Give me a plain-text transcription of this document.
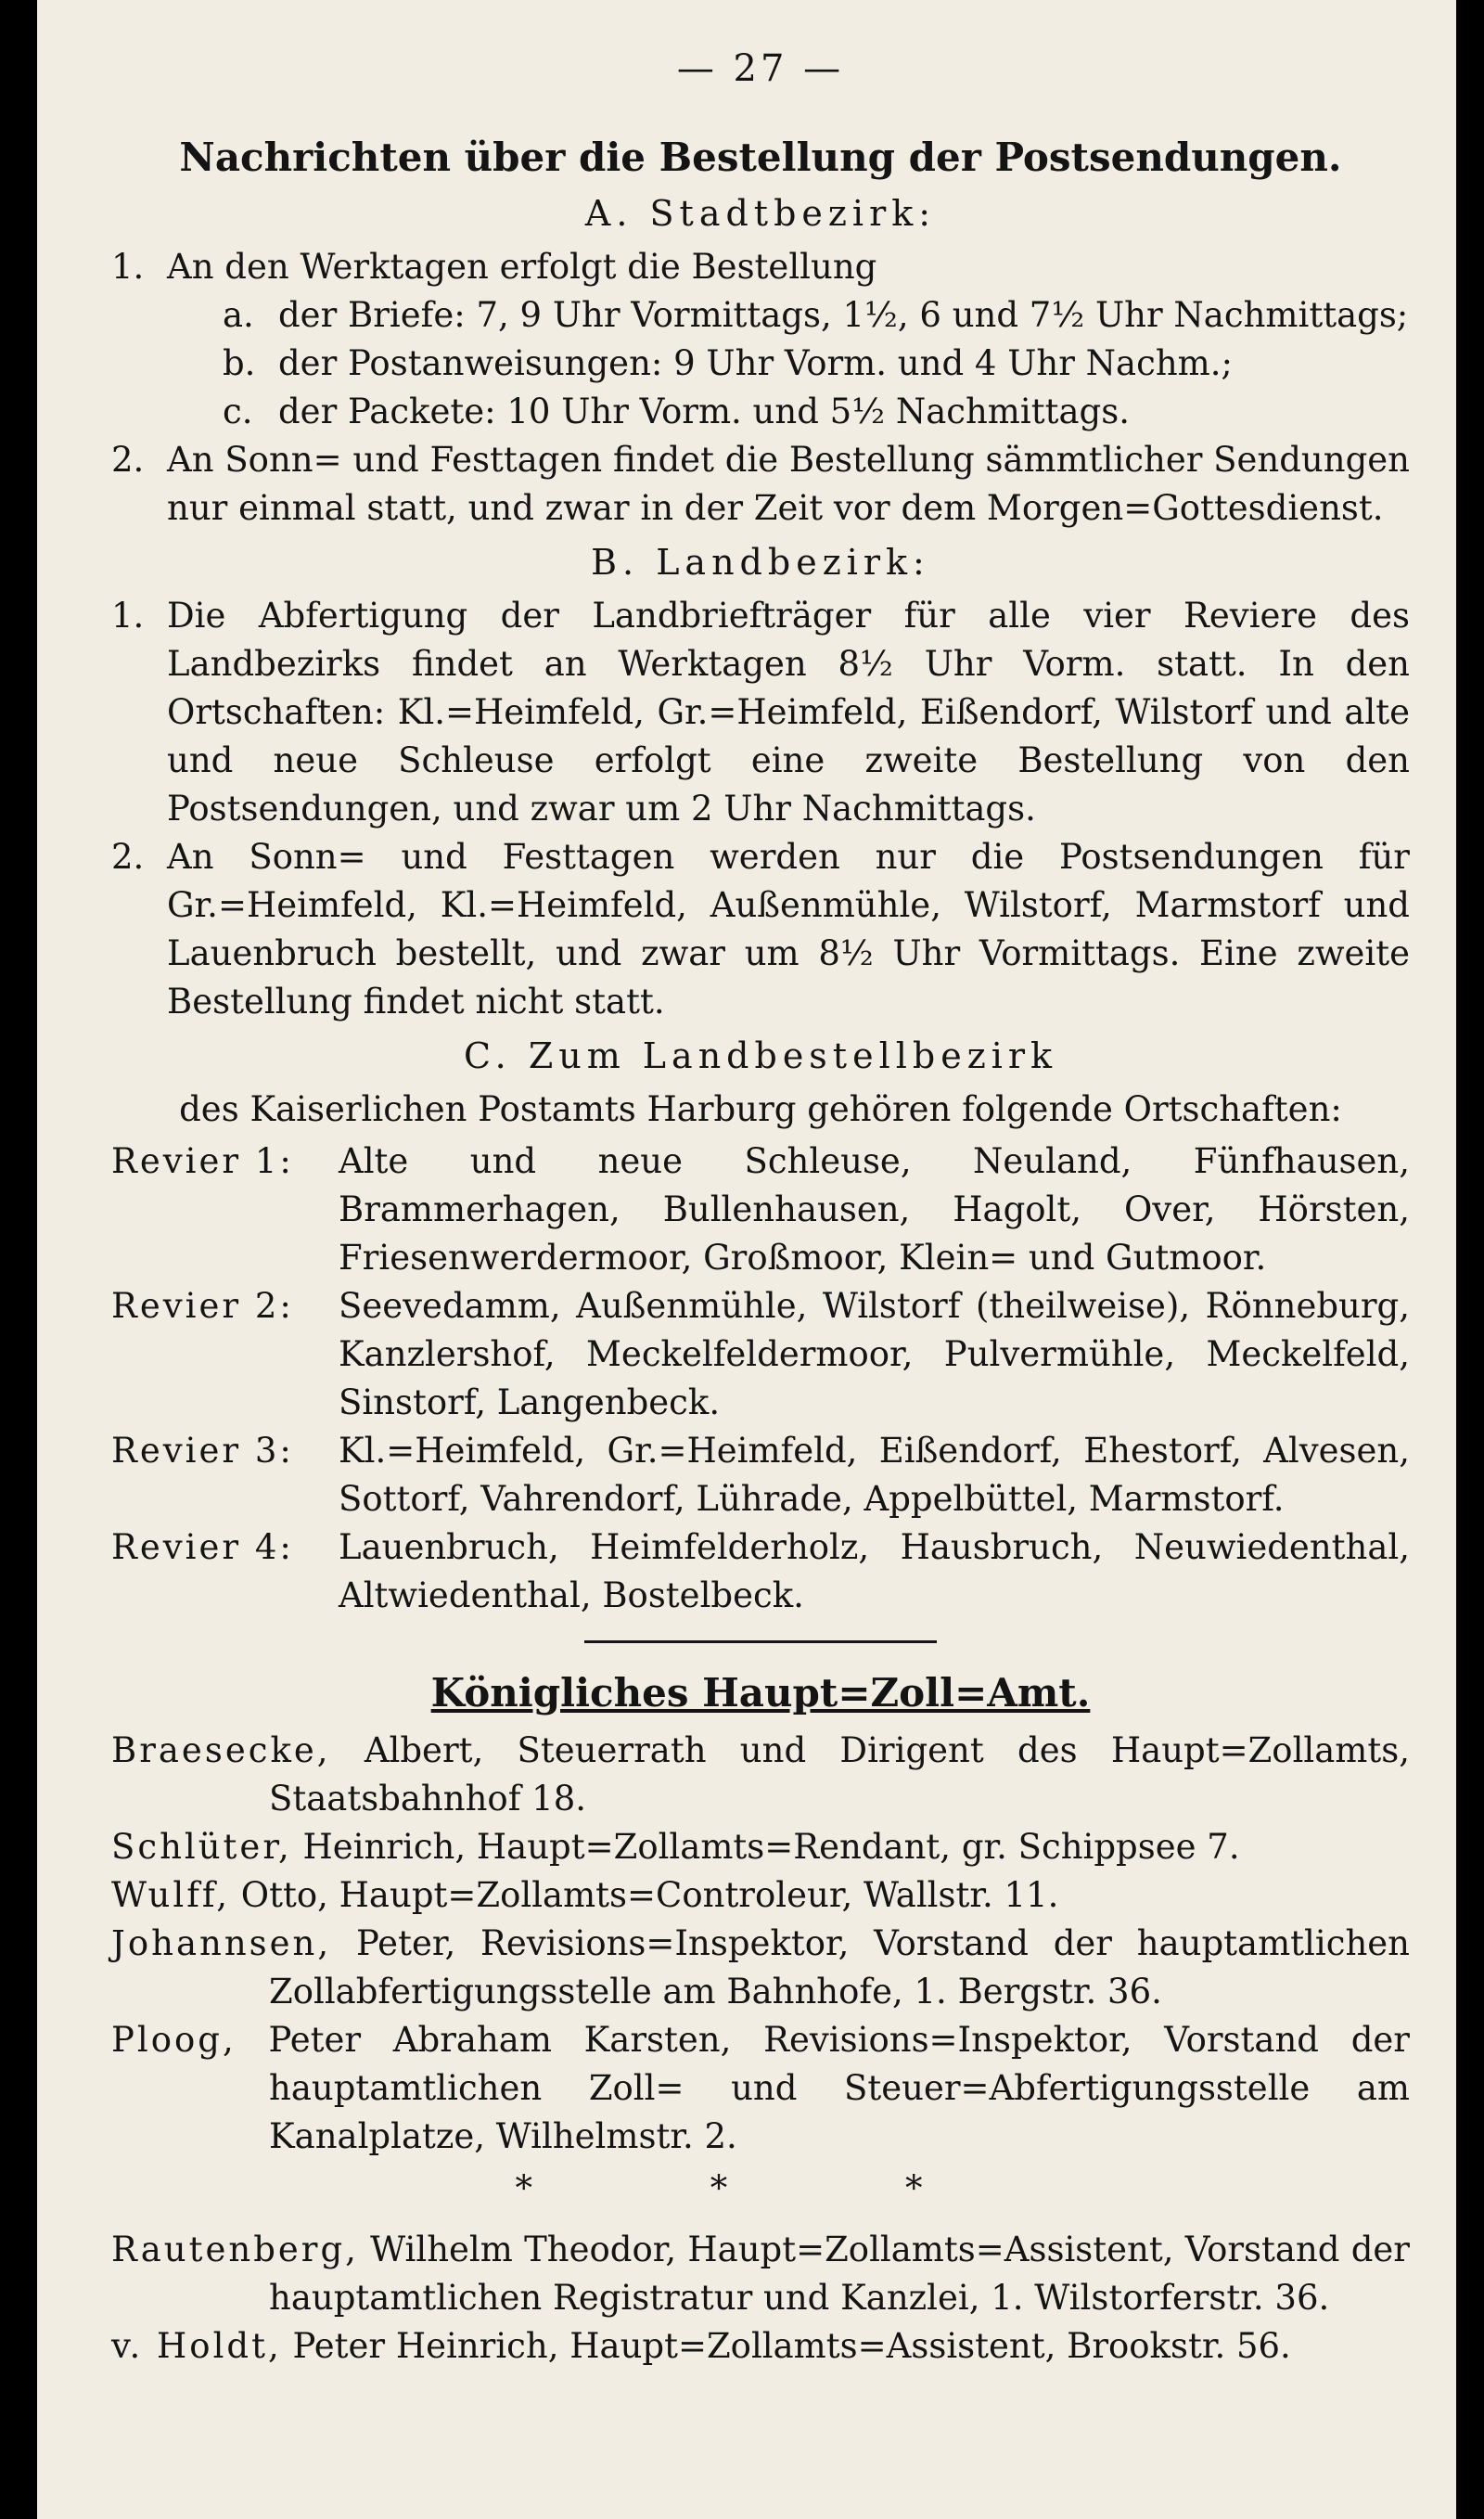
— 27 —
Nachrichten über die Bestellung der Postsendungen.
A. Stadtbezirk:
1. An den Werktagen erfolgt die Bestellung
a. der Briefe: 7, 9 Uhr Vormittags, 1½, 6 und 7½ Uhr Nachmittags;
b. der Postanweisungen: 9 Uhr Vorm. und 4 Uhr Nachm.;
c. der Packete: 10 Uhr Vorm. und 5½ Nachmittags.
2. An Sonn= und Festtagen findet die Bestellung sämmtlicher Sendungen nur einmal statt, und zwar in der Zeit vor dem Morgen=Gottesdienst.
B. Landbezirk:
1. Die Abfertigung der Landbriefträger für alle vier Reviere des Landbezirks findet an Werktagen 8½ Uhr Vorm. statt. In den Ortschaften: Kl.=Heimfeld, Gr.=Heimfeld, Eißendorf, Wilstorf und alte und neue Schleuse erfolgt eine zweite Bestellung von den Postsendungen, und zwar um 2 Uhr Nachmittags.
2. An Sonn= und Festtagen werden nur die Postsendungen für Gr.=Heimfeld, Kl.=Heimfeld, Außenmühle, Wilstorf, Marmstorf und Lauenbruch bestellt, und zwar um 8½ Uhr Vormittags. Eine zweite Bestellung findet nicht statt.
C. Zum Landbestellbezirk
des Kaiserlichen Postamts Harburg gehören folgende Ortschaften:
Revier 1:	Alte und neue Schleuse, Neuland, Fünfhausen, Brammerhagen, Bullenhausen, Hagolt, Over, Hörsten, Friesenwerdermoor, Großmoor, Klein= und Gutmoor.
Revier 2:	Seevedamm, Außenmühle, Wilstorf (theilweise), Rönneburg, Kanzlershof, Meckelfeldermoor, Pulvermühle, Meckelfeld, Sinstorf, Langenbeck.
Revier 3:	Kl.=Heimfeld, Gr.=Heimfeld, Eißendorf, Ehestorf, Alvesen, Sottorf, Vahrendorf, Lührade, Appelbüttel, Marmstorf.
Revier 4:	Lauenbruch, Heimfelderholz, Hausbruch, Neuwiedenthal, Altwiedenthal, Bostelbeck.
Königliches Haupt=Zoll=Amt.
Braesecke, Albert, Steuerrath und Dirigent des Haupt=Zollamts, Staatsbahnhof 18.
Schlüter, Heinrich, Haupt=Zollamts=Rendant, gr. Schippsee 7.
Wulff, Otto, Haupt=Zollamts=Controleur, Wallstr. 11.
Johannsen, Peter, Revisions=Inspektor, Vorstand der hauptamtlichen Zollabfertigungsstelle am Bahnhofe, 1. Bergstr. 36.
Ploog, Peter Abraham Karsten, Revisions=Inspektor, Vorstand der hauptamtlichen Zoll= und Steuer=Abfertigungsstelle am Kanalplatze, Wilhelmstr. 2.
* * *
Rautenberg, Wilhelm Theodor, Haupt=Zollamts=Assistent, Vorstand der hauptamtlichen Registratur und Kanzlei, 1. Wilstorferstr. 36.
v. Holdt, Peter Heinrich, Haupt=Zollamts=Assistent, Brookstr. 56.
